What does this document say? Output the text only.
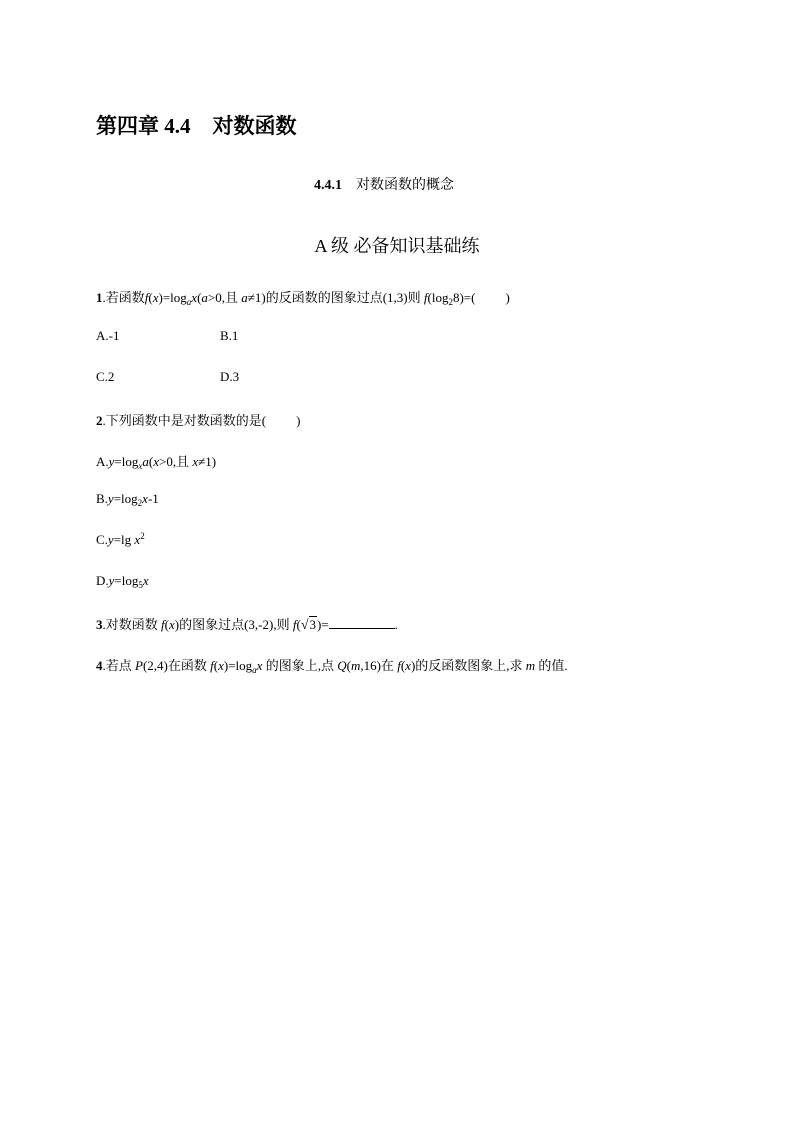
第四章 4.4 对数函数
4.4.1 对数函数的概念
A 级 必备知识基础练
1.若函数$f(x)=\log_ax(a>0$,且 a≠1)的反函数的图象过点(1,3)则 $f(\log_28)=$( )
A.-1	B.1
C.2	D.3
2.下列函数中是对数函数的是( )
$A.y=\log_xa(x>0$,且 x≠1)
$B.y=\log_2x-1$
C.y=lg $x^2$
$D.y=\log_5x$
3.对数函数 f(x)的图象过点(3,-2),则 f(√3)=	.
4.若点 P(2,4)在函数 $f(x)=\log_ax$ 的图象上,点 Q(m,16)在 f(x)的反函数图象上,求 m 的值.
